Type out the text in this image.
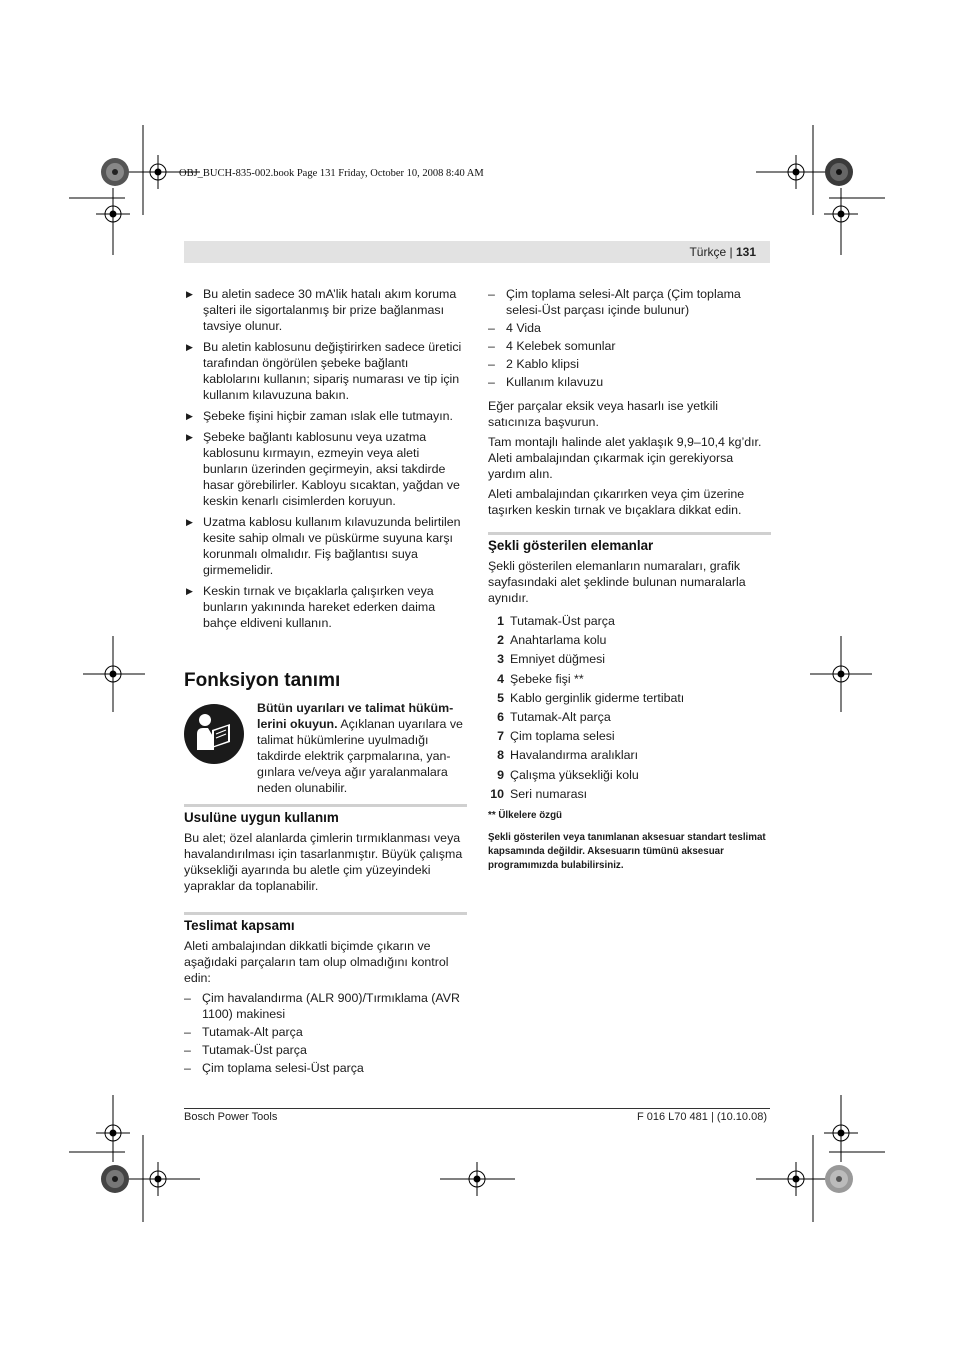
OBJ_BUCH-835-002.book Page 131 Friday, October 10, 2008 8:40 AM
Türkçe | 131
▶ Bu aletin sadece 30 mA’lik hatalı akım koruma şalteri ile sigortalanmış bir prize bağlanması tavsiye olunur.
▶ Bu aletin kablosunu değiştirirken sadece üretici tarafından öngörülen şebeke bağlantı kablolarını kullanın; sipariş numarası ve tip için kullanım kılavuzuna bakın.
▶ Şebeke fişini hiçbir zaman ıslak elle tutmayın.
▶ Şebeke bağlantı kablosunu veya uzatma kablosunu kırmayın, ezmeyin veya aleti bunların üzerinden geçirmeyin, aksi takdirde hasar görebilirler. Kabloyu sıcaktan, yağdan ve keskin kenarlı cisimlerden koruyun.
▶ Uzatma kablosu kullanım kılavuzunda belirtilen kesite sahip olmalı ve püskürme suyuna karşı korunmalı olmalıdır. Fiş bağlantısı suya girmemelidir.
▶ Keskin tırnak ve bıçaklarla çalışırken veya bunların yakınında hareket ederken daima bahçe eldiveni kullanın.
Fonksiyon tanımı
Bütün uyarıları ve talimat hüküm-lerini okuyun. Açıklanan uyarılara ve talimat hükümlerine uyulmadığı takdirde elektrik çarpmalarına, yan-gınlara ve/veya ağır yaralanmalara neden olunabilir.
Usulüne uygun kullanım
Bu alet; özel alanlarda çimlerin tırmıklanması veya havalandırılması için tasarlanmıştır. Büyük çalışma yüksekliği ayarında bu aletle çim yüzeyindeki yapraklar da toplanabilir.
Teslimat kapsamı
Aleti ambalajından dikkatli biçimde çıkarın ve aşağıdaki parçaların tam olup olmadığını kontrol edin:
– Çim havalandırma (ALR 900)/Tırmıklama (AVR 1100) makinesi
– Tutamak-Alt parça
– Tutamak-Üst parça
– Çim toplama selesi-Üst parça
– Çim toplama selesi-Alt parça (Çim toplama selesi-Üst parçası içinde bulunur)
– 4 Vida
– 4 Kelebek somunlar
– 2 Kablo klipsi
– Kullanım kılavuzu
Eğer parçalar eksik veya hasarlı ise yetkili satıcınıza başvurun.
Tam montajlı halinde alet yaklaşık 9,9–10,4 kg’dır. Aleti ambalajından çıkarmak için gerekiyorsa yardım alın.
Aleti ambalajından çıkarırken veya çim üzerine taşırken keskin tırnak ve bıçaklara dikkat edin.
Şekli gösterilen elemanlar
Şekli gösterilen elemanların numaraları, grafik sayfasındaki alet şeklinde bulunan numaralarla aynıdır.
1 Tutamak-Üst parça
2 Anahtarlama kolu
3 Emniyet düğmesi
4 Şebeke fişi **
5 Kablo gerginlik giderme tertibatı
6 Tutamak-Alt parça
7 Çim toplama selesi
8 Havalandırma aralıkları
9 Çalışma yüksekliği kolu
10 Seri numarası
** Ülkelere özgü
Şekli gösterilen veya tanımlanan aksesuar standart teslimat kapsamında değildir. Aksesuarın tümünü aksesuar programımızda bulabilirsiniz.
Bosch Power Tools	F 016 L70 481 | (10.10.08)
